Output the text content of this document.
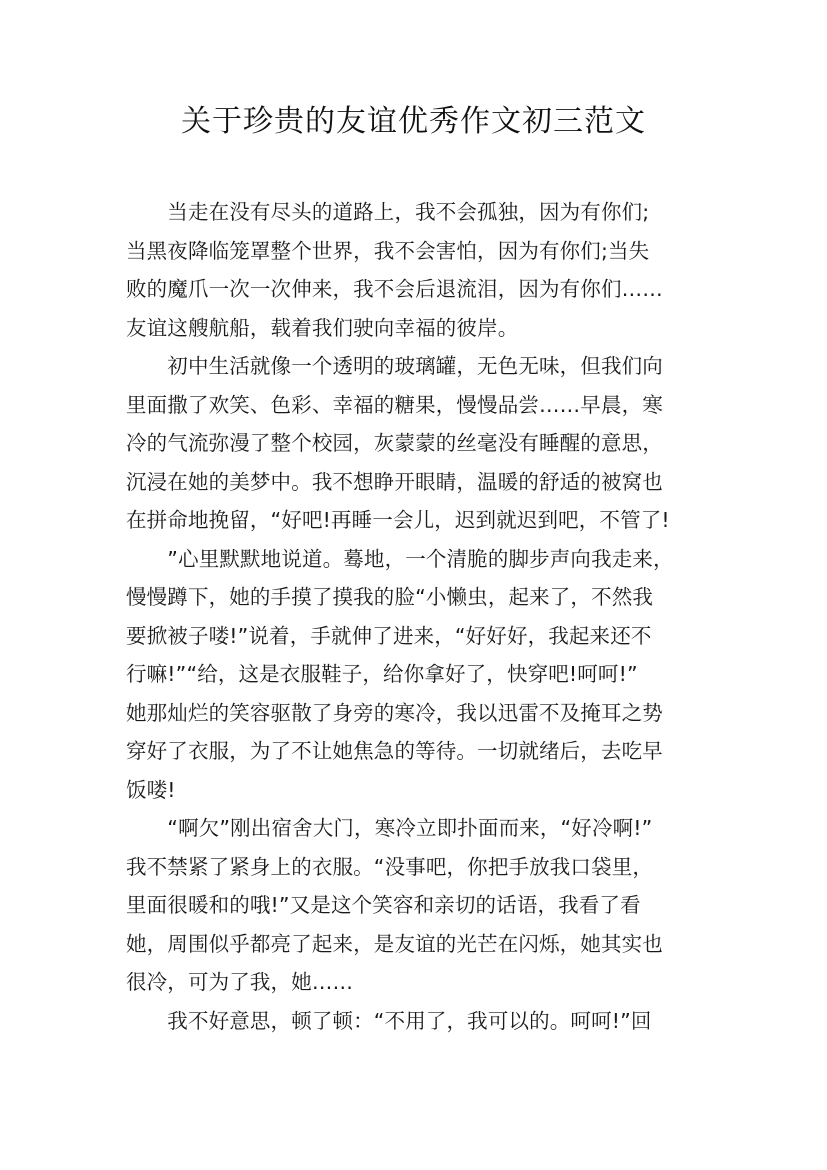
关于珍贵的友谊优秀作文初三范文
　　当走在没有尽头的道路上，我不会孤独，因为有你们;
当黑夜降临笼罩整个世界，我不会害怕，因为有你们;当失
败的魔爪一次一次伸来，我不会后退流泪，因为有你们……
友谊这艘航船，载着我们驶向幸福的彼岸。
　　初中生活就像一个透明的玻璃罐，无色无味，但我们向
里面撒了欢笑、色彩、幸福的糖果，慢慢品尝……早晨，寒
冷的气流弥漫了整个校园，灰蒙蒙的丝毫没有睡醒的意思，
沉浸在她的美梦中。我不想睁开眼睛，温暖的舒适的被窝也
在拼命地挽留，“好吧!再睡一会儿，迟到就迟到吧，不管了!
　　”心里默默地说道。蓦地，一个清脆的脚步声向我走来，
慢慢蹲下，她的手摸了摸我的脸“小懒虫，起来了，不然我
要掀被子喽!”说着，手就伸了进来，“好好好，我起来还不
行嘛!”“给，这是衣服鞋子，给你拿好了，快穿吧!呵呵!”
她那灿烂的笑容驱散了身旁的寒冷，我以迅雷不及掩耳之势
穿好了衣服，为了不让她焦急的等待。一切就绪后，去吃早
饭喽!
　　“啊欠”刚出宿舍大门，寒冷立即扑面而来，“好冷啊!”
我不禁紧了紧身上的衣服。“没事吧，你把手放我口袋里，
里面很暖和的哦!”又是这个笑容和亲切的话语，我看了看
她，周围似乎都亮了起来，是友谊的光芒在闪烁，她其实也
很冷，可为了我，她……
　　我不好意思，顿了顿：“不用了，我可以的。呵呵!”回
